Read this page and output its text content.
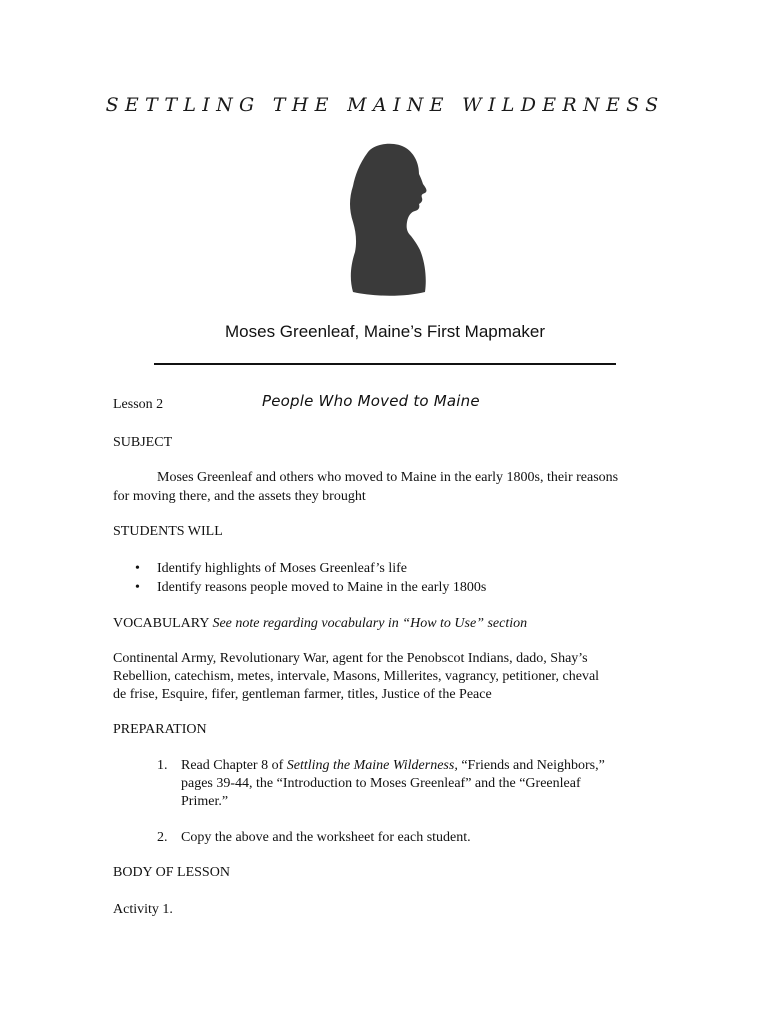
SETTLING THE MAINE WILDERNESS
Moses Greenleaf, Maine’s First Mapmaker
Lesson 2	People Who Moved to Maine
SUBJECT
Moses Greenleaf and others who moved to Maine in the early 1800s, their reasons
for moving there, and the assets they brought
STUDENTS WILL
• Identify highlights of Moses Greenleaf’s life
• Identify reasons people moved to Maine in the early 1800s
VOCABULARY See note regarding vocabulary in “How to Use” section
Continental Army, Revolutionary War, agent for the Penobscot Indians, dado, Shay’s
Rebellion, catechism, metes, intervale, Masons, Millerites, vagrancy, petitioner, cheval
de frise, Esquire, fifer, gentleman farmer, titles, Justice of the Peace
PREPARATION
1. Read Chapter 8 of Settling the Maine Wilderness, “Friends and Neighbors,”
pages 39-44, the “Introduction to Moses Greenleaf” and the “Greenleaf
Primer.”
2. Copy the above and the worksheet for each student.
BODY OF LESSON
Activity 1.
